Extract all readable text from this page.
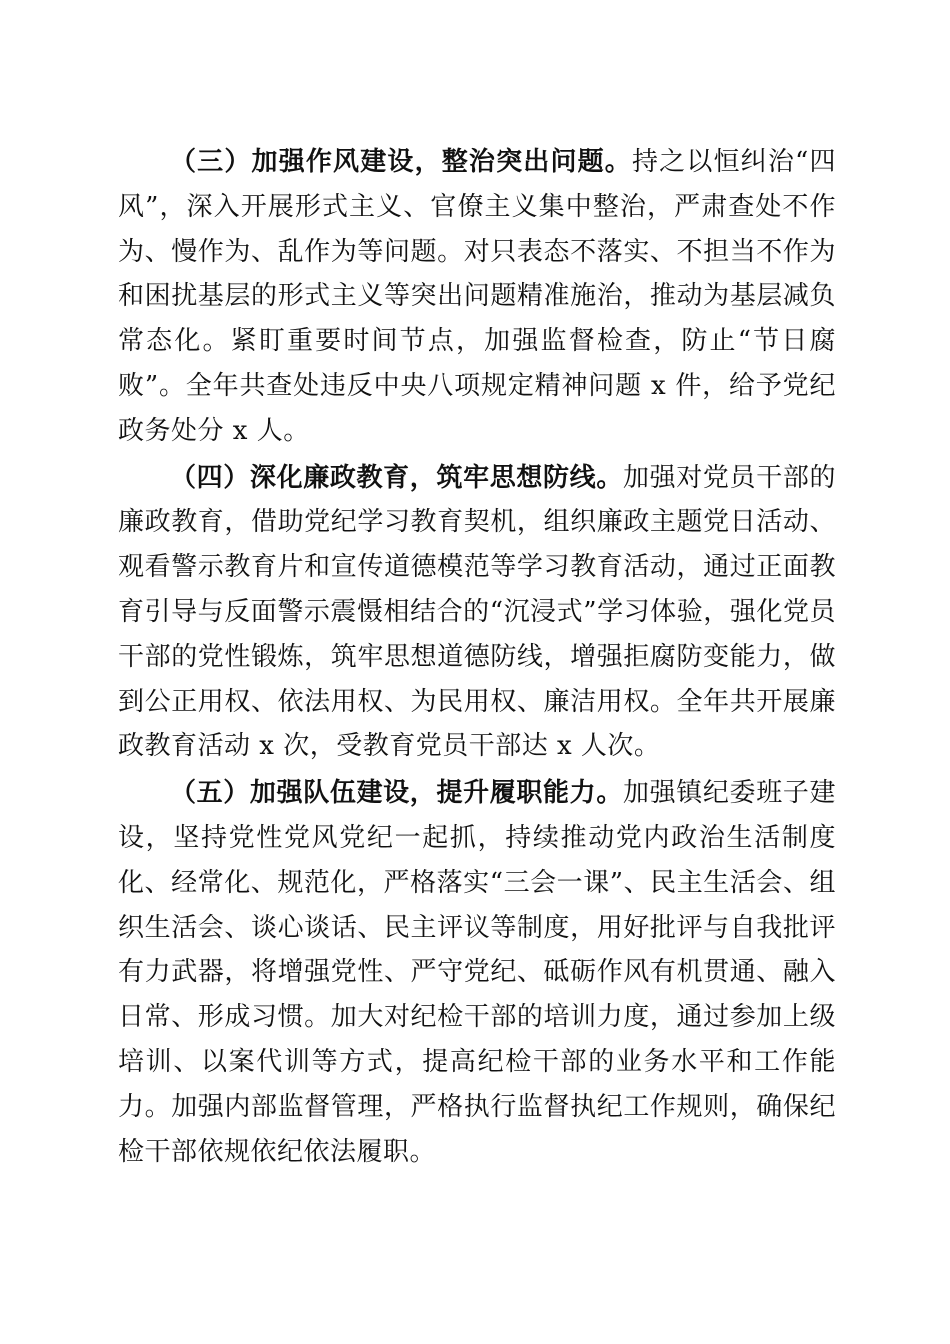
（三）加强作风建设，整治突出问题。持之以恒纠治“四风”，深入开展形式主义、官僚主义集中整治，严肃查处不作为、慢作为、乱作为等问题。对只表态不落实、不担当不作为和困扰基层的形式主义等突出问题精准施治，推动为基层减负常态化。紧盯重要时间节点，加强监督检查，防止“节日腐败”。全年共查处违反中央八项规定精神问题 x 件，给予党纪政务处分 x 人。

（四）深化廉政教育，筑牢思想防线。加强对党员干部的廉政教育，借助党纪学习教育契机，组织廉政主题党日活动、观看警示教育片和宣传道德模范等学习教育活动，通过正面教育引导与反面警示震慑相结合的“沉浸式”学习体验，强化党员干部的党性锻炼，筑牢思想道德防线，增强拒腐防变能力，做到公正用权、依法用权、为民用权、廉洁用权。全年共开展廉政教育活动 x 次，受教育党员干部达 x 人次。

（五）加强队伍建设，提升履职能力。加强镇纪委班子建设，坚持党性党风党纪一起抓，持续推动党内政治生活制度化、经常化、规范化，严格落实“三会一课”、民主生活会、组织生活会、谈心谈话、民主评议等制度，用好批评与自我批评有力武器，将增强党性、严守党纪、砥砺作风有机贯通、融入日常、形成习惯。加大对纪检干部的培训力度，通过参加上级培训、以案代训等方式，提高纪检干部的业务水平和工作能力。加强内部监督管理，严格执行监督执纪工作规则，确保纪检干部依规依纪依法履职。
